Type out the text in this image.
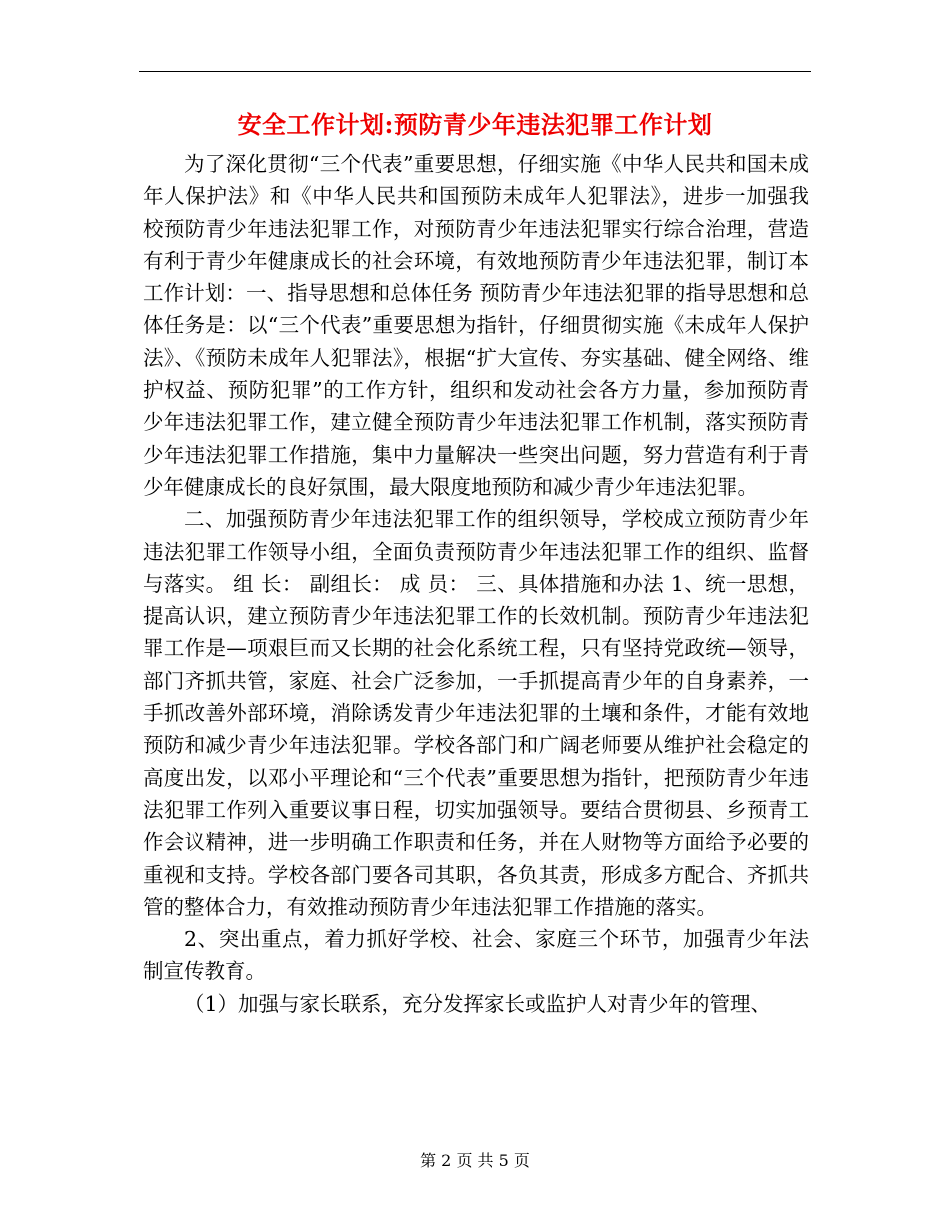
安全工作计划:预防青少年违法犯罪工作计划

为了深化贯彻“三个代表”重要思想，仔细实施《中华人民共和国未成年人保护法》和《中华人民共和国预防未成年人犯罪法》，进步一加强我校预防青少年违法犯罪工作，对预防青少年违法犯罪实行综合治理，营造有利于青少年健康成长的社会环境，有效地预防青少年违法犯罪，制订本工作计划：一、指导思想和总体任务 预防青少年违法犯罪的指导思想和总体任务是：以“三个代表”重要思想为指针，仔细贯彻实施《未成年人保护法》、《预防未成年人犯罪法》，根据“扩大宣传、夯实基础、健全网络、维护权益、预防犯罪”的工作方针，组织和发动社会各方力量，参加预防青少年违法犯罪工作，建立健全预防青少年违法犯罪工作机制，落实预防青少年违法犯罪工作措施，集中力量解决一些突出问题，努力营造有利于青少年健康成长的良好氛围，最大限度地预防和减少青少年违法犯罪。

二、加强预防青少年违法犯罪工作的组织领导，学校成立预防青少年违法犯罪工作领导小组，全面负责预防青少年违法犯罪工作的组织、监督与落实。 组 长： 副组长： 成 员： 三、具体措施和办法 1、统一思想，提高认识，建立预防青少年违法犯罪工作的长效机制。预防青少年违法犯罪工作是—项艰巨而又长期的社会化系统工程，只有坚持党政统—领导，部门齐抓共管，家庭、社会广泛参加，一手抓提高青少年的自身素养，一手抓改善外部环境，消除诱发青少年违法犯罪的土壤和条件，才能有效地预防和减少青少年违法犯罪。学校各部门和广阔老师要从维护社会稳定的高度出发，以邓小平理论和“三个代表”重要思想为指针，把预防青少年违法犯罪工作列入重要议事日程，切实加强领导。要结合贯彻县、乡预青工作会议精神，进一步明确工作职责和任务，并在人财物等方面给予必要的重视和支持。学校各部门要各司其职，各负其责，形成多方配合、齐抓共管的整体合力，有效推动预防青少年违法犯罪工作措施的落实。

2、突出重点，着力抓好学校、社会、家庭三个环节，加强青少年法制宣传教育。

（1）加强与家长联系，充分发挥家长或监护人对青少年的管理、

第 2 页 共 5 页
